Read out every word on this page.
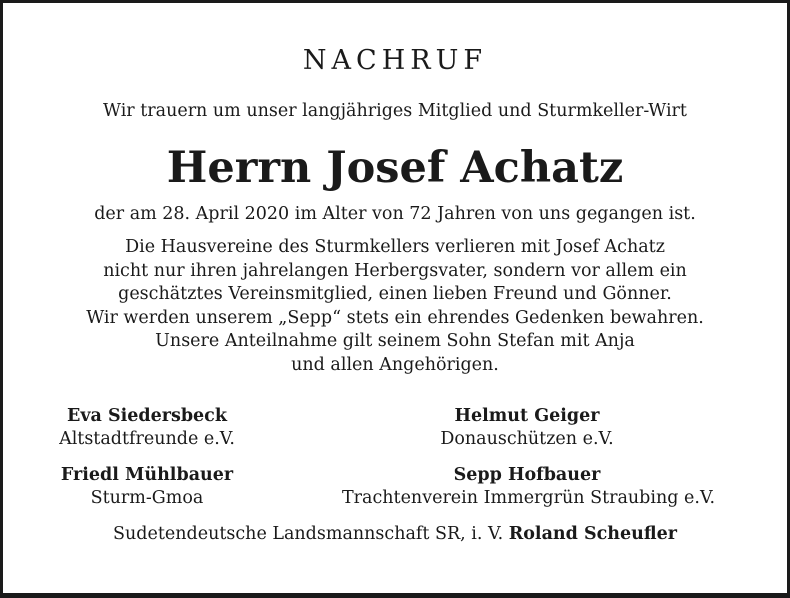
NACHRUF
Wir trauern um unser langjähriges Mitglied und Sturmkeller-Wirt
Herrn Josef Achatz
der am 28. April 2020 im Alter von 72 Jahren von uns gegangen ist.
Die Hausvereine des Sturmkellers verlieren mit Josef Achatz
nicht nur ihren jahrelangen Herbergsvater, sondern vor allem ein
geschätztes Vereinsmitglied, einen lieben Freund und Gönner.
Wir werden unserem „Sepp“ stets ein ehrendes Gedenken bewahren.
Unsere Anteilnahme gilt seinem Sohn Stefan mit Anja
und allen Angehörigen.
Eva Siedersbeck
Altstadtfreunde e.V.
Helmut Geiger
Donauschützen e.V.
Friedl Mühlbauer
Sturm-Gmoa
Sepp Hofbauer
Trachtenverein Immergrün Straubing e.V.
Sudetendeutsche Landsmannschaft SR, i. V. Roland Scheufler
